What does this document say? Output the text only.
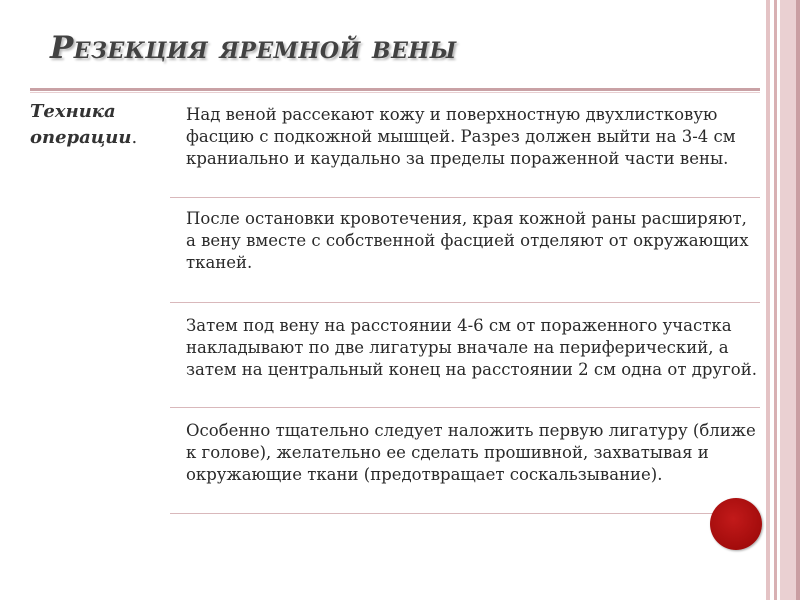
Резекция яремной вены
Техника
операции.

Над веной рассекают кожу и поверхностную двухлистковую фасцию с подкожной мышцей. Разрез должен выйти на 3-4 см краниально и каудально за пределы пораженной части вены.

После остановки кровотечения, края кожной раны расширяют, а вену вместе с собственной фасцией отделяют от окружающих тканей.

Затем под вену на расстоянии 4-6 см от пораженного участка накладывают по две лигатуры вначале на периферический, а затем на центральный конец на расстоянии 2 см одна от другой.

Особенно тщательно следует наложить первую лигатуру (ближе к голове), желательно ее сделать прошивной, захватывая и окружающие ткани (предотвращает соскальзывание).
